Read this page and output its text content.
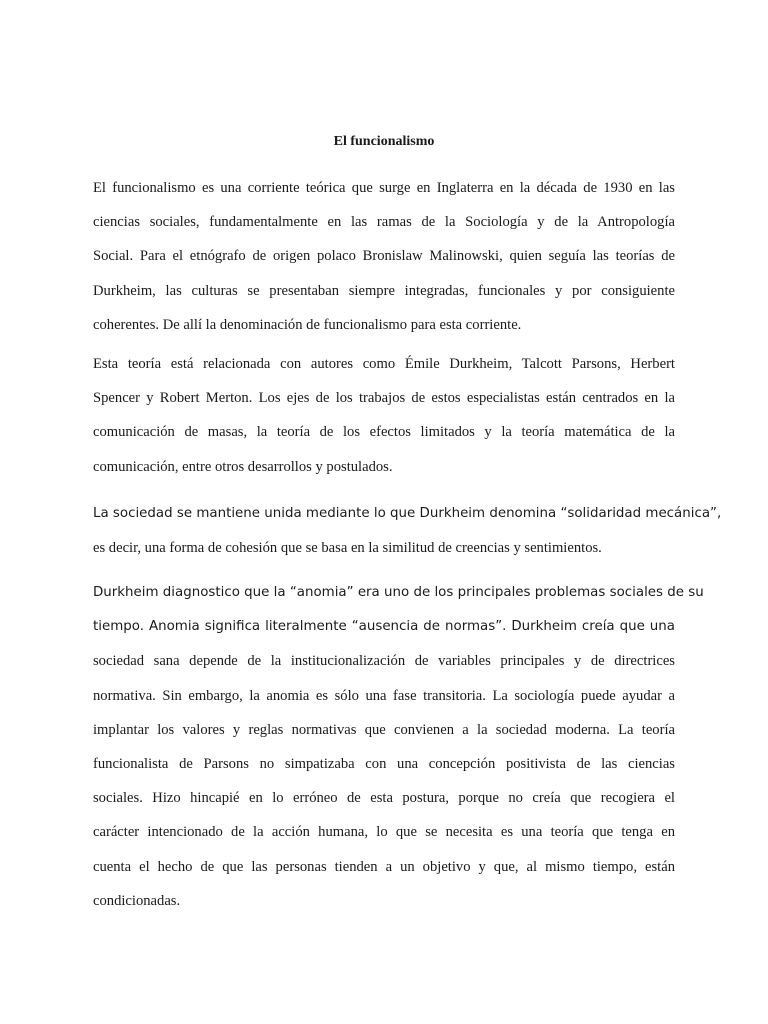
El funcionalismo
El funcionalismo es una corriente teórica que surge en Inglaterra en la década de 1930 en las
ciencias sociales, fundamentalmente en las ramas de la Sociología y de la Antropología
Social. Para el etnógrafo de origen polaco Bronislaw Malinowski, quien seguía las teorías de
Durkheim, las culturas se presentaban siempre integradas, funcionales y por consiguiente
coherentes. De allí la denominación de funcionalismo para esta corriente.
Esta teoría está relacionada con autores como Émile Durkheim, Talcott Parsons, Herbert
Spencer y Robert Merton. Los ejes de los trabajos de estos especialistas están centrados en la
comunicación de masas, la teoría de los efectos limitados y la teoría matemática de la
comunicación, entre otros desarrollos y postulados.
La sociedad se mantiene unida mediante lo que Durkheim denomina “solidaridad mecánica”,
es decir, una forma de cohesión que se basa en la similitud de creencias y sentimientos.
Durkheim diagnostico que la “anomia” era uno de los principales problemas sociales de su
tiempo. Anomia significa literalmente “ausencia de normas”. Durkheim creía que una
sociedad sana depende de la institucionalización de variables principales y de directrices
normativa. Sin embargo, la anomia es sólo una fase transitoria. La sociología puede ayudar a
implantar los valores y reglas normativas que convienen a la sociedad moderna. La teoría
funcionalista de Parsons no simpatizaba con una concepción positivista de las ciencias
sociales. Hizo hincapié en lo erróneo de esta postura, porque no creía que recogiera el
carácter intencionado de la acción humana, lo que se necesita es una teoría que tenga en
cuenta el hecho de que las personas tienden a un objetivo y que, al mismo tiempo, están
condicionadas.
